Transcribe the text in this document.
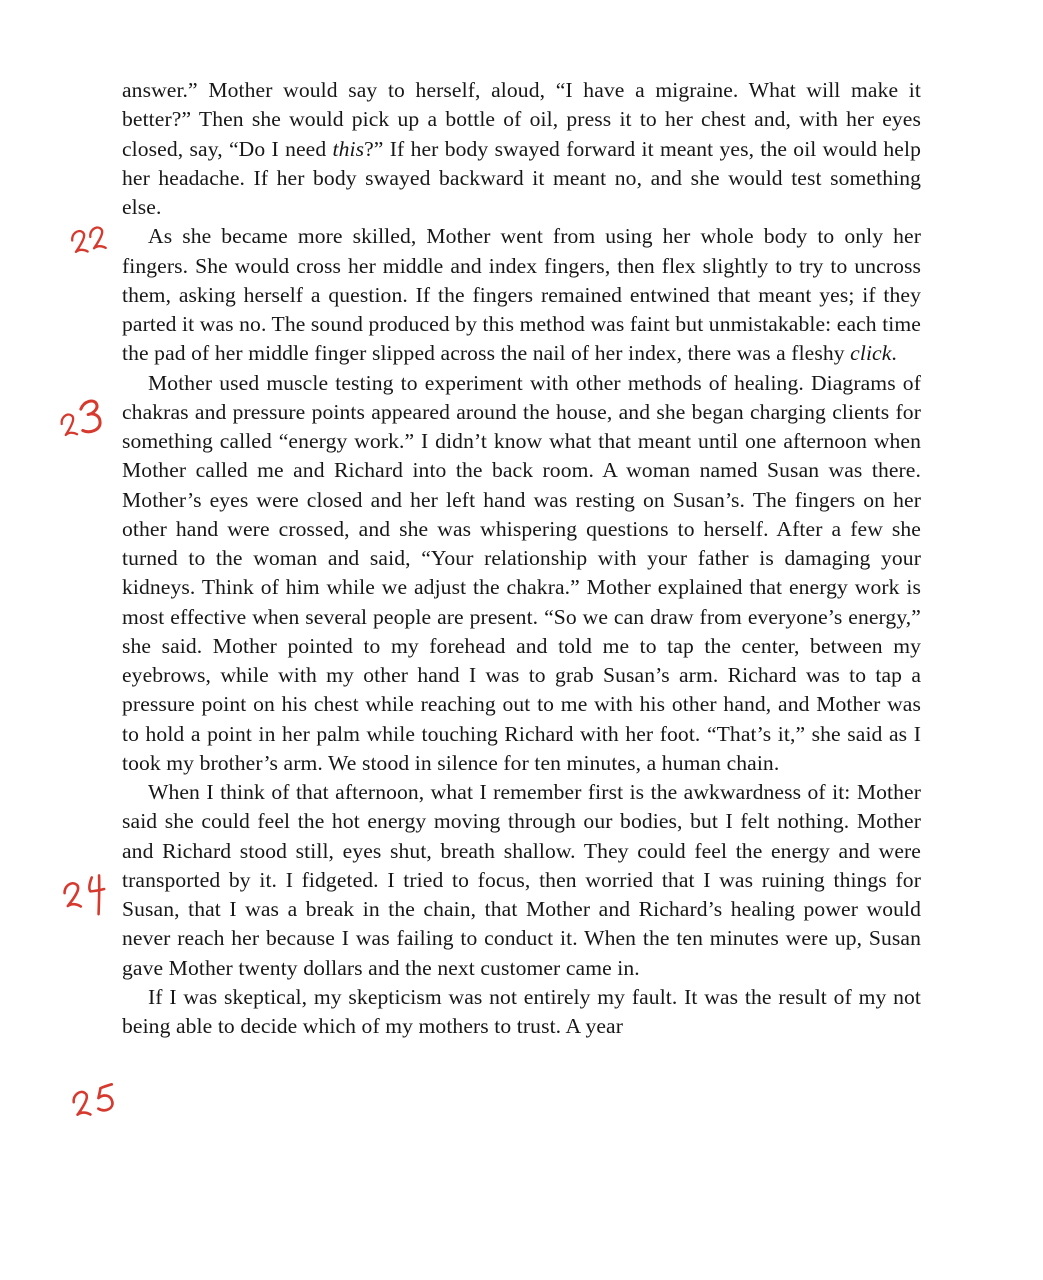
answer.” Mother would say to herself, aloud, “I have a migraine. What will make it better?” Then she would pick up a bottle of oil, press it to her chest and, with her eyes closed, say, “Do I need this?” If her body swayed forward it meant yes, the oil would help her headache. If her body swayed backward it meant no, and she would test something else.

As she became more skilled, Mother went from using her whole body to only her fingers. She would cross her middle and index fingers, then flex slightly to try to uncross them, asking herself a question. If the fingers remained entwined that meant yes; if they parted it was no. The sound produced by this method was faint but unmistakable: each time the pad of her middle finger slipped across the nail of her index, there was a fleshy click.

Mother used muscle testing to experiment with other methods of healing. Diagrams of chakras and pressure points appeared around the house, and she began charging clients for something called “energy work.” I didn’t know what that meant until one afternoon when Mother called me and Richard into the back room. A woman named Susan was there. Mother’s eyes were closed and her left hand was resting on Susan’s. The fingers on her other hand were crossed, and she was whispering questions to herself. After a few she turned to the woman and said, “Your relationship with your father is damaging your kidneys. Think of him while we adjust the chakra.” Mother explained that energy work is most effective when several people are present. “So we can draw from everyone’s energy,” she said. Mother pointed to my forehead and told me to tap the center, between my eyebrows, while with my other hand I was to grab Susan’s arm. Richard was to tap a pressure point on his chest while reaching out to me with his other hand, and Mother was to hold a point in her palm while touching Richard with her foot. “That’s it,” she said as I took my brother’s arm. We stood in silence for ten minutes, a human chain.

When I think of that afternoon, what I remember first is the awkwardness of it: Mother said she could feel the hot energy moving through our bodies, but I felt nothing. Mother and Richard stood still, eyes shut, breath shallow. They could feel the energy and were transported by it. I fidgeted. I tried to focus, then worried that I was ruining things for Susan, that I was a break in the chain, that Mother and Richard’s healing power would never reach her because I was failing to conduct it. When the ten minutes were up, Susan gave Mother twenty dollars and the next customer came in.

If I was skeptical, my skepticism was not entirely my fault. It was the result of my not being able to decide which of my mothers to trust. A year
